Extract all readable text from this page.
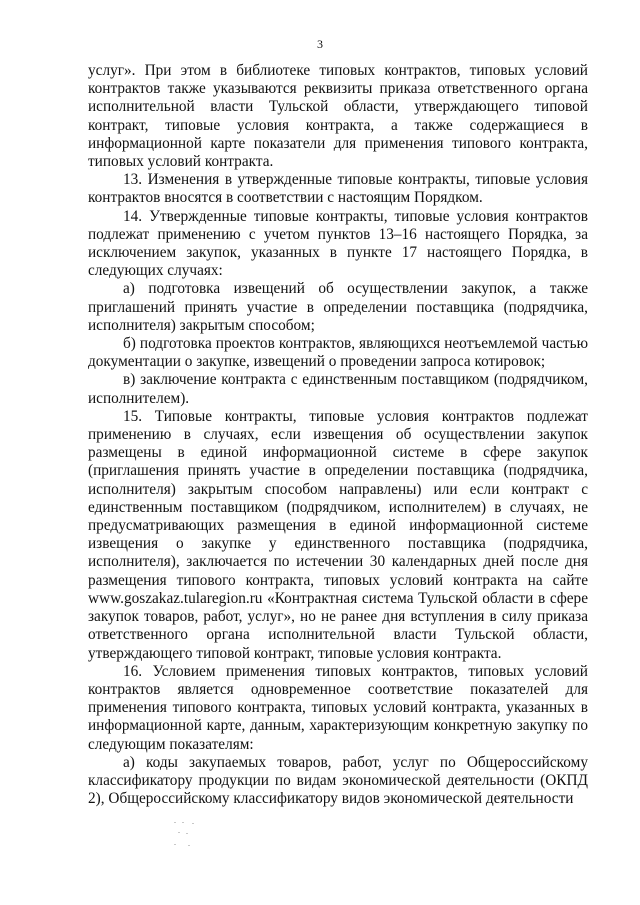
3

услуг». При этом в библиотеке типовых контрактов, типовых условий контрактов также указываются реквизиты приказа ответственного органа исполнительной власти Тульской области, утверждающего типовой контракт, типовые условия контракта, а также содержащиеся в информационной карте показатели для применения типового контракта, типовых условий контракта.

13. Изменения в утвержденные типовые контракты, типовые условия контрактов вносятся в соответствии с настоящим Порядком.

14. Утвержденные типовые контракты, типовые условия контрактов подлежат применению с учетом пунктов 13–16 настоящего Порядка, за исключением закупок, указанных в пункте 17 настоящего Порядка, в следующих случаях:

а) подготовка извещений об осуществлении закупок, а также приглашений принять участие в определении поставщика (подрядчика, исполнителя) закрытым способом;

б) подготовка проектов контрактов, являющихся неотъемлемой частью документации о закупке, извещений о проведении запроса котировок;

в) заключение контракта с единственным поставщиком (подрядчиком, исполнителем).

15. Типовые контракты, типовые условия контрактов подлежат применению в случаях, если извещения об осуществлении закупок размещены в единой информационной системе в сфере закупок (приглашения принять участие в определении поставщика (подрядчика, исполнителя) закрытым способом направлены) или если контракт с единственным поставщиком (подрядчиком, исполнителем) в случаях, не предусматривающих размещения в единой информационной системе извещения о закупке у единственного поставщика (подрядчика, исполнителя), заключается по истечении 30 календарных дней после дня размещения типового контракта, типовых условий контракта на сайте www.goszakaz.tularegion.ru «Контрактная система Тульской области в сфере закупок товаров, работ, услуг», но не ранее дня вступления в силу приказа ответственного органа исполнительной власти Тульской области, утверждающего типовой контракт, типовые условия контракта.

16. Условием применения типовых контрактов, типовых условий контрактов является одновременное соответствие показателей для применения типового контракта, типовых условий контракта, указанных в информационной карте, данным, характеризующим конкретную закупку по следующим показателям:

а) коды закупаемых товаров, работ, услуг по Общероссийскому классификатору продукции по видам экономической деятельности (ОКПД 2), Общероссийскому классификатору видов экономической деятельности
